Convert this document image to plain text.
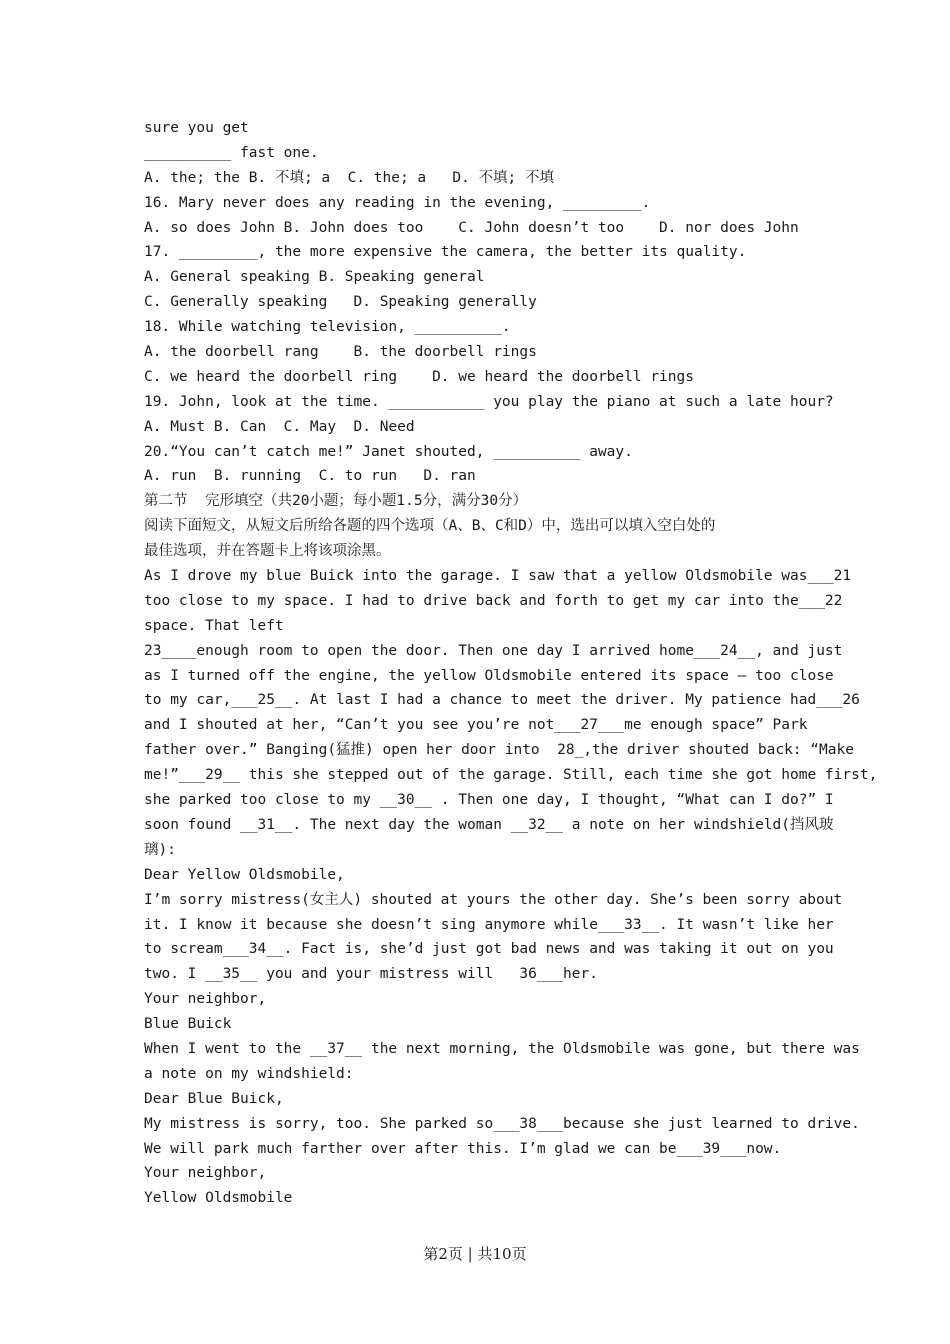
sure you get
__________ fast one.
A. the; the B. 不填; a  C. the; a   D. 不填; 不填
16. Mary never does any reading in the evening, _________.
A. so does John B. John does too    C. John doesn’t too    D. nor does John
17. _________, the more expensive the camera, the better its quality.
A. General speaking B. Speaking general
C. Generally speaking   D. Speaking generally
18. While watching television, __________.
A. the doorbell rang    B. the doorbell rings
C. we heard the doorbell ring    D. we heard the doorbell rings
19. John, look at the time. ___________ you play the piano at such a late hour?
A. Must B. Can  C. May  D. Need
20.“You can’t catch me!” Janet shouted, __________ away.
A. run  B. running  C. to run   D. ran
第二节  完形填空（共20小题；每小题1.5分，满分30分）
阅读下面短文，从短文后所给各题的四个选项（A、B、C和D）中，选出可以填入空白处的
最佳选项，并在答题卡上将该项涂黑。
As I drove my blue Buick into the garage. I saw that a yellow Oldsmobile was___21
too close to my space. I had to drive back and forth to get my car into the___22
space. That left
23____enough room to open the door. Then one day I arrived home___24__, and just
as I turned off the engine, the yellow Oldsmobile entered its space — too close
to my car,___25__. At last I had a chance to meet the driver. My patience had___26
and I shouted at her, “Can’t you see you’re not___27___me enough space” Park
father over.” Banging(猛推) open her door into  28_,the driver shouted back: “Make
me!”___29__ this she stepped out of the garage. Still, each time she got home first,
she parked too close to my __30__ . Then one day, I thought, “What can I do?” I
soon found __31__. The next day the woman __32__ a note on her windshield(挡风玻
璃):
Dear Yellow Oldsmobile,
I’m sorry mistress(女主人) shouted at yours the other day. She’s been sorry about
it. I know it because she doesn’t sing anymore while___33__. It wasn’t like her
to scream___34__. Fact is, she’d just got bad news and was taking it out on you
two. I __35__ you and your mistress will   36___her.
Your neighbor,
Blue Buick
When I went to the __37__ the next morning, the Oldsmobile was gone, but there was
a note on my windshield:
Dear Blue Buick,
My mistress is sorry, too. She parked so___38___because she just learned to drive.
We will park much farther over after this. I’m glad we can be___39___now.
Your neighbor,
Yellow Oldsmobile
第2页 | 共10页
